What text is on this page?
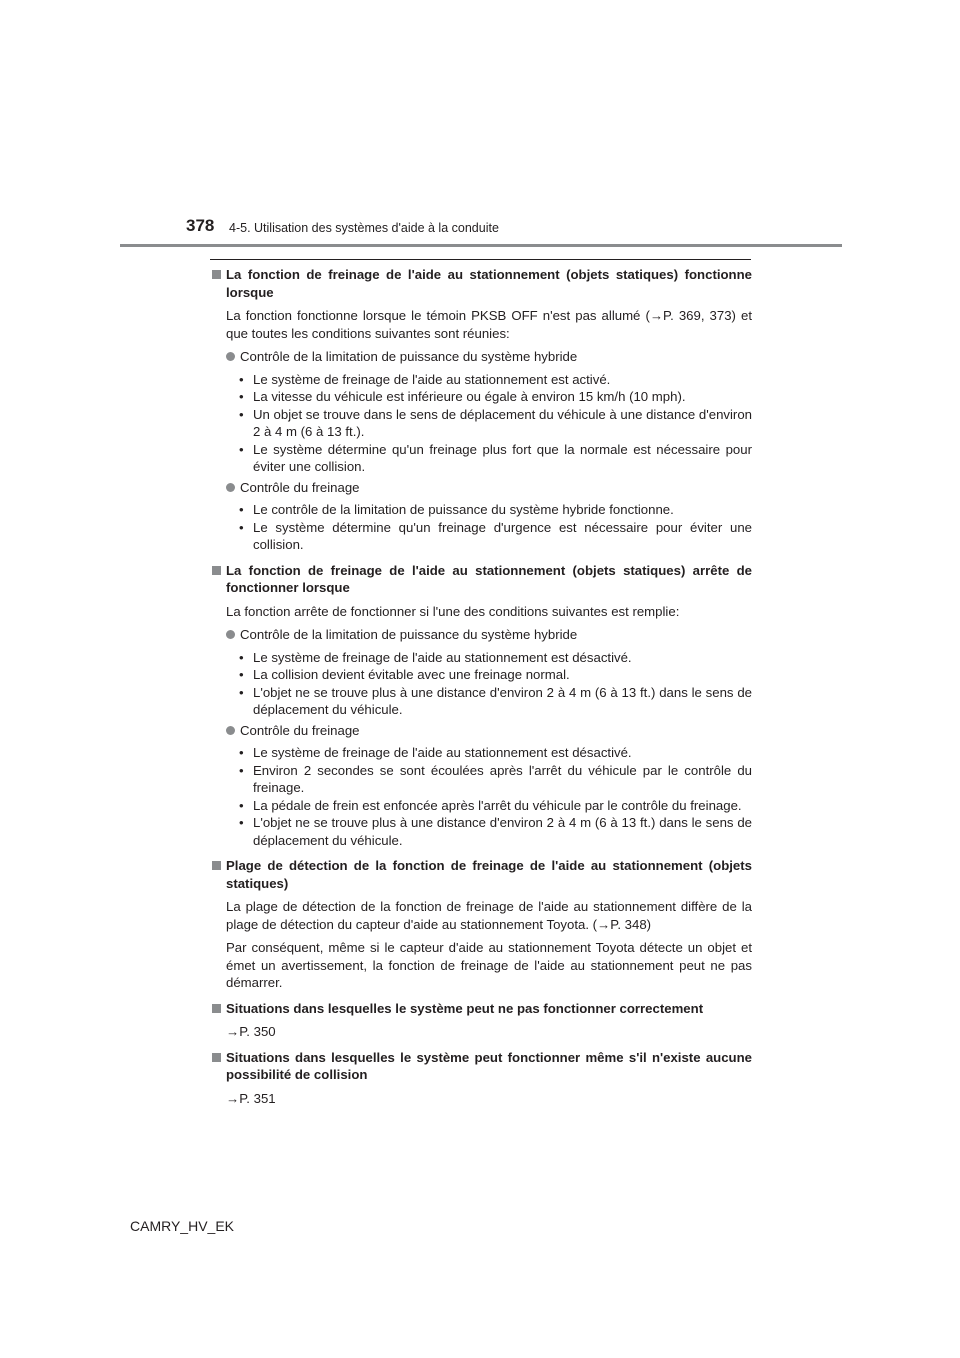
378 4-5. Utilisation des systèmes d'aide à la conduite
La fonction de freinage de l'aide au stationnement (objets statiques) fonctionne lorsque
La fonction fonctionne lorsque le témoin PKSB OFF n'est pas allumé (→P. 369, 373) et que toutes les conditions suivantes sont réunies:
Contrôle de la limitation de puissance du système hybride
• Le système de freinage de l'aide au stationnement est activé.
• La vitesse du véhicule est inférieure ou égale à environ 15 km/h (10 mph).
• Un objet se trouve dans le sens de déplacement du véhicule à une distance d'environ 2 à 4 m (6 à 13 ft.).
• Le système détermine qu'un freinage plus fort que la normale est nécessaire pour éviter une collision.
Contrôle du freinage
• Le contrôle de la limitation de puissance du système hybride fonctionne.
• Le système détermine qu'un freinage d'urgence est nécessaire pour éviter une collision.
La fonction de freinage de l'aide au stationnement (objets statiques) arrête de fonctionner lorsque
La fonction arrête de fonctionner si l'une des conditions suivantes est remplie:
Contrôle de la limitation de puissance du système hybride
• Le système de freinage de l'aide au stationnement est désactivé.
• La collision devient évitable avec une freinage normal.
• L'objet ne se trouve plus à une distance d'environ 2 à 4 m (6 à 13 ft.) dans le sens de déplacement du véhicule.
Contrôle du freinage
• Le système de freinage de l'aide au stationnement est désactivé.
• Environ 2 secondes se sont écoulées après l'arrêt du véhicule par le contrôle du freinage.
• La pédale de frein est enfoncée après l'arrêt du véhicule par le contrôle du freinage.
• L'objet ne se trouve plus à une distance d'environ 2 à 4 m (6 à 13 ft.) dans le sens de déplacement du véhicule.
Plage de détection de la fonction de freinage de l'aide au stationnement (objets statiques)
La plage de détection de la fonction de freinage de l'aide au stationnement diffère de la plage de détection du capteur d'aide au stationnement Toyota. (→P. 348)
Par conséquent, même si le capteur d'aide au stationnement Toyota détecte un objet et émet un avertissement, la fonction de freinage de l'aide au stationnement peut ne pas démarrer.
Situations dans lesquelles le système peut ne pas fonctionner correctement
→P. 350
Situations dans lesquelles le système peut fonctionner même s'il n'existe aucune possibilité de collision
→P. 351
CAMRY_HV_EK
